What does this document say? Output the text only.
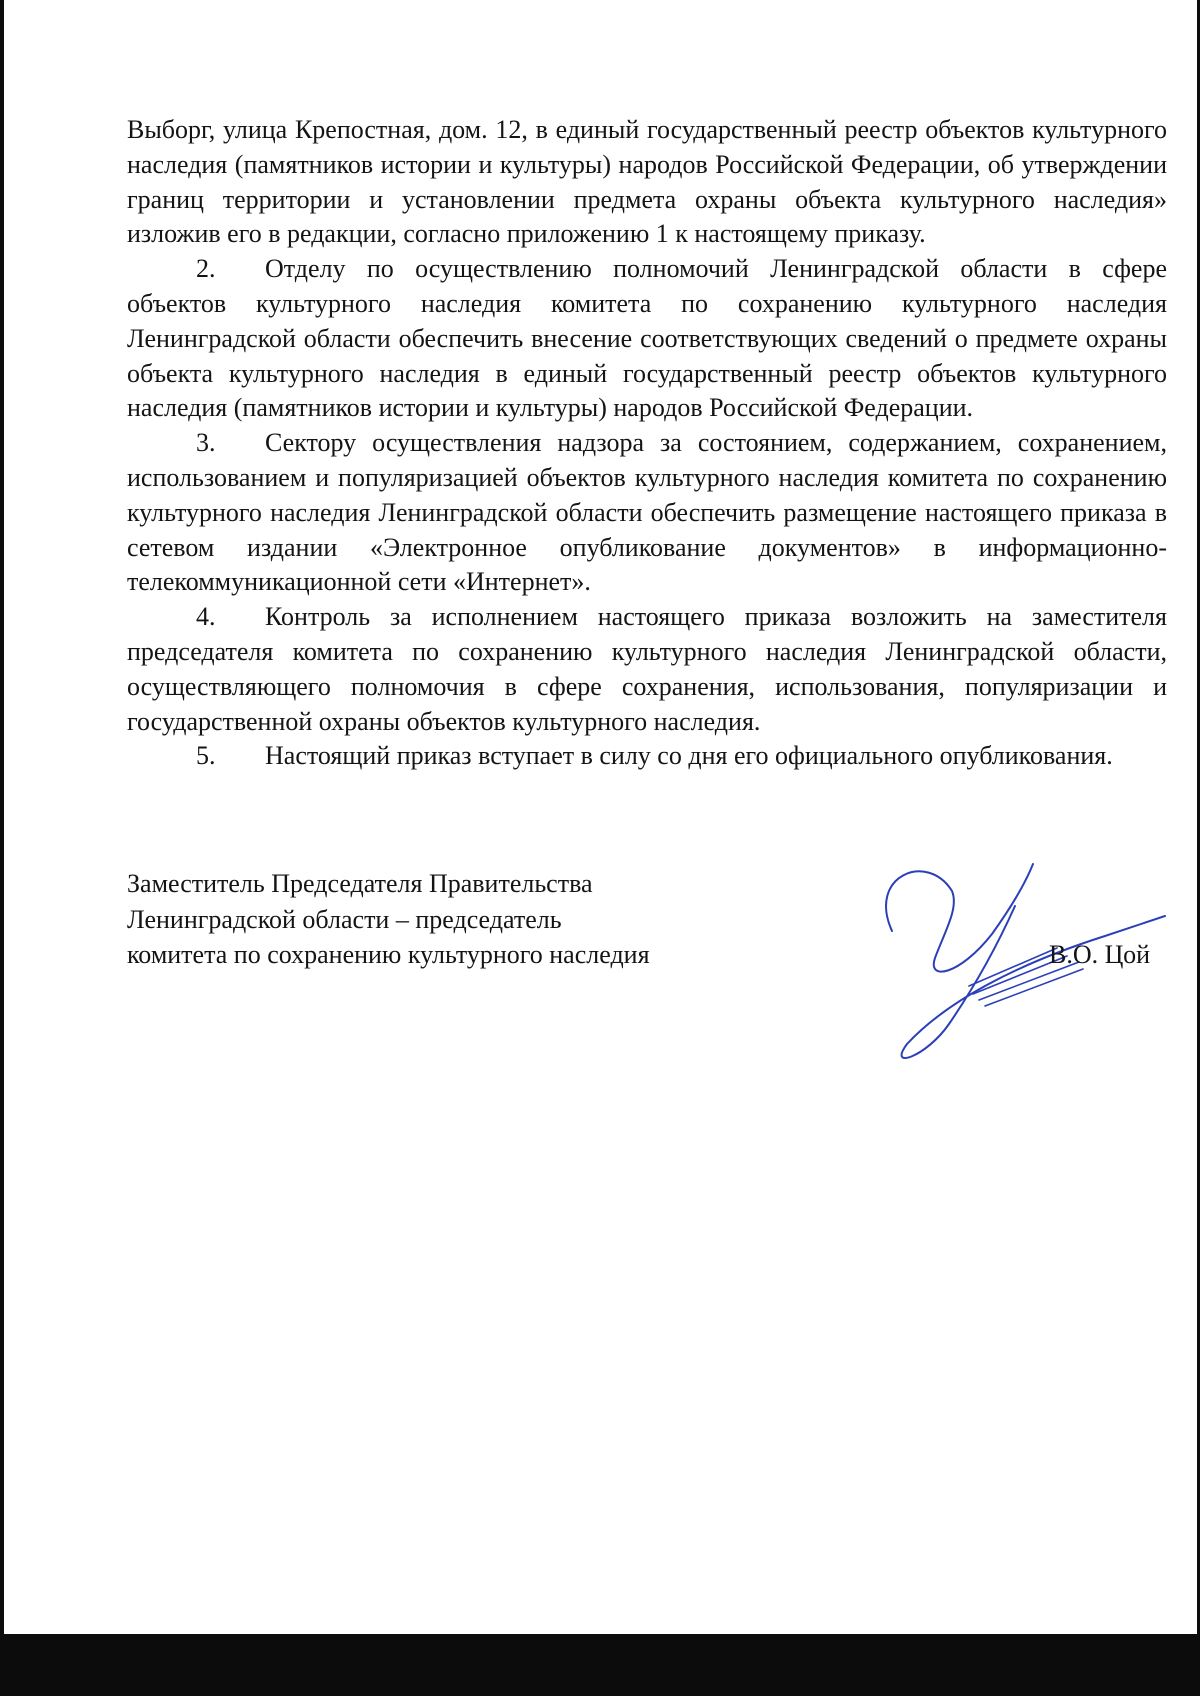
Выборг, улица Крепостная, дом. 12, в единый государственный реестр объектов культурного наследия (памятников истории и культуры) народов Российской Федерации, об утверждении границ территории и установлении предмета охраны объекта культурного наследия» изложив его в редакции, согласно приложению 1 к настоящему приказу.

2. Отделу по осуществлению полномочий Ленинградской области в сфере объектов культурного наследия комитета по сохранению культурного наследия Ленинградской области обеспечить внесение соответствующих сведений о предмете охраны объекта культурного наследия в единый государственный реестр объектов культурного наследия (памятников истории и культуры) народов Российской Федерации.

3. Сектору осуществления надзора за состоянием, содержанием, сохранением, использованием и популяризацией объектов культурного наследия комитета по сохранению культурного наследия Ленинградской области обеспечить размещение настоящего приказа в сетевом издании «Электронное опубликование документов» в информационно-телекоммуникационной сети «Интернет».

4. Контроль за исполнением настоящего приказа возложить на заместителя председателя комитета по сохранению культурного наследия Ленинградской области, осуществляющего полномочия в сфере сохранения, использования, популяризации и государственной охраны объектов культурного наследия.

5. Настоящий приказ вступает в силу со дня его официального опубликования.

Заместитель Председателя Правительства
Ленинградской области – председатель
комитета по сохранению культурного наследия	В.О. Цой
